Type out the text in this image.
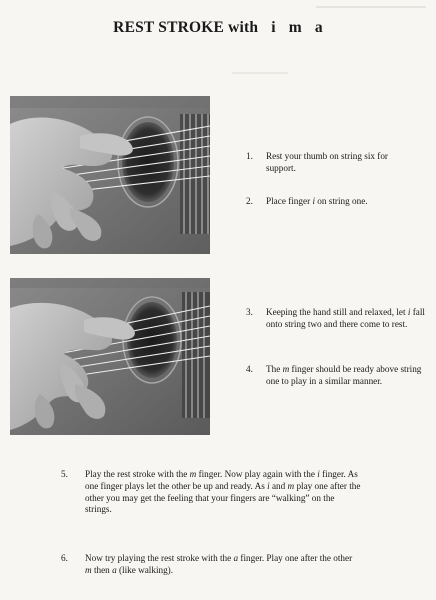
REST STROKE with i m a
1. Rest your thumb on string six for support.
2. Place finger i on string one.
3. Keeping the hand still and relaxed, let i fall onto string two and there come to rest.
4. The m finger should be ready above string one to play in a similar manner.
5. Play the rest stroke with the m finger. Now play again with the i finger. As one finger plays let the other be up and ready. As i and m play one after the other you may get the feeling that your fingers are “walking” on the strings.
6. Now try playing the rest stroke with the a finger. Play one after the other m then a (like walking).
